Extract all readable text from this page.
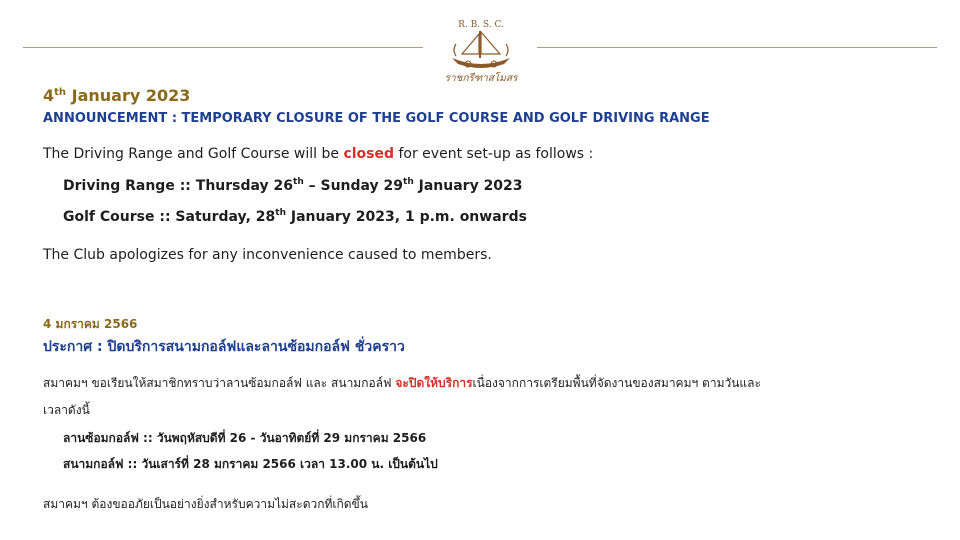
R. B. S. C.
ราชกรีฑาสโมสร
4th January 2023
ANNOUNCEMENT : TEMPORARY CLOSURE OF THE GOLF COURSE AND GOLF DRIVING RANGE
The Driving Range and Golf Course will be closed for event set-up as follows :
Driving Range :: Thursday 26th – Sunday 29th January 2023
Golf Course :: Saturday, 28th January 2023, 1 p.m. onwards
The Club apologizes for any inconvenience caused to members.
4 มกราคม 2566
ประกาศ : ปิดบริการสนามกอล์ฟและลานซ้อมกอล์ฟ ชั่วคราว
สมาคมฯ ขอเรียนให้สมาชิกทราบว่าลานซ้อมกอล์ฟ และ สนามกอล์ฟ จะปิดให้บริการเนื่องจากการเตรียมพื้นที่จัดงานของสมาคมฯ ตามวันและ
เวลาดังนี้
ลานซ้อมกอล์ฟ :: วันพฤหัสบดีที่ 26 - วันอาทิตย์ที่ 29 มกราคม 2566
สนามกอล์ฟ :: วันเสาร์ที่ 28 มกราคม 2566 เวลา 13.00 น. เป็นต้นไป
สมาคมฯ ต้องขออภัยเป็นอย่างยิ่งสำหรับความไม่สะดวกที่เกิดขึ้น
